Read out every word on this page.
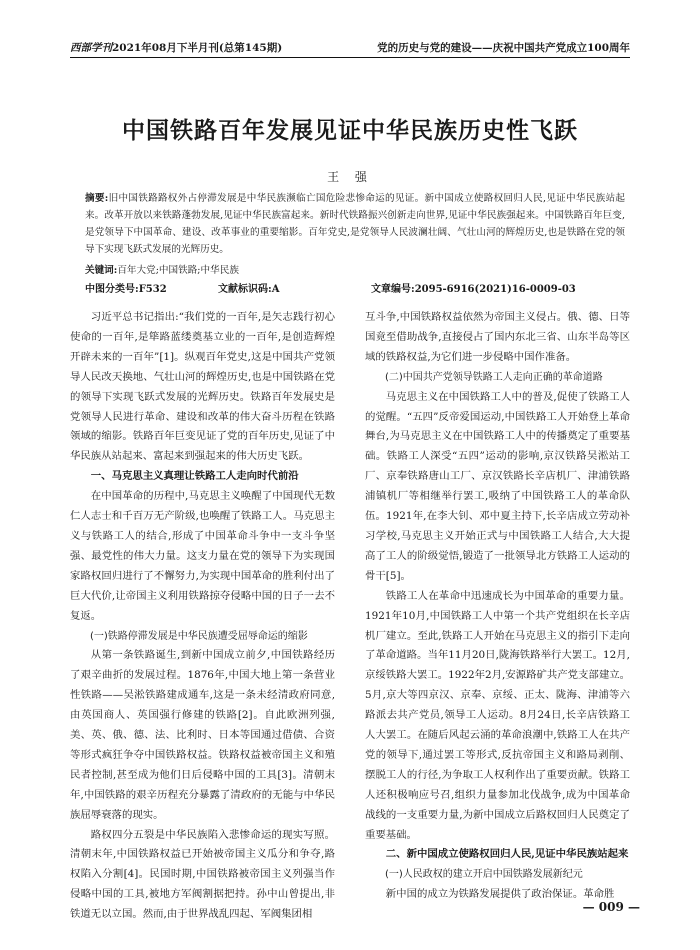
西部学刊2021年08月下半月刊(总第145期)	党的历史与党的建设——庆祝中国共产党成立100周年
中国铁路百年发展见证中华民族历史性飞跃
王 强
摘要:旧中国铁路路权外占停滞发展是中华民族濒临亡国危险悲惨命运的见证。新中国成立使路权回归人民,见证中华民族站起来。改革开放以来铁路蓬勃发展,见证中华民族富起来。新时代铁路振兴创新走向世界,见证中华民族强起来。中国铁路百年巨变,是党领导下中国革命、建设、改革事业的重要缩影。百年党史,是党领导人民波澜壮阔、气壮山河的辉煌历史,也是铁路在党的领导下实现飞跃式发展的光辉历史。
关键词:百年大党;中国铁路;中华民族
中图分类号:F532	文献标识码:A	文章编号:2095-6916(2021)16-0009-03

习近平总书记指出:“我们党的一百年,是矢志践行初心使命的一百年,是筚路蓝缕奠基立业的一百年,是创造辉煌开辟未来的一百年”[1]。纵观百年党史,这是中国共产党领导人民改天换地、气壮山河的辉煌历史,也是中国铁路在党的领导下实现飞跃式发展的光辉历史。铁路百年发展史是党领导人民进行革命、建设和改革的伟大奋斗历程在铁路领域的缩影。铁路百年巨变见证了党的百年历史,见证了中华民族从站起来、富起来到强起来的伟大历史飞跃。

一、马克思主义真理让铁路工人走向时代前沿

在中国革命的历程中,马克思主义唤醒了中国现代无数仁人志士和千百万无产阶级,也唤醒了铁路工人。马克思主义与铁路工人的结合,形成了中国革命斗争中一支斗争坚强、最党性的伟大力量。这支力量在党的领导下为实现国家路权回归进行了不懈努力,为实现中国革命的胜利付出了巨大代价,让帝国主义利用铁路掠夺侵略中国的日子一去不复返。

(一)铁路停滞发展是中华民族遭受屈辱命运的缩影

从第一条铁路诞生,到新中国成立前夕,中国铁路经历了艰辛曲折的发展过程。1876年,中国大地上第一条营业性铁路——吴淞铁路建成通车,这是一条未经清政府同意,由英国商人、英国强行修建的铁路[2]。自此欧洲列强,美、英、俄、德、法、比利时、日本等国通过借债、合资等形式疯狂争夺中国铁路权益。铁路权益被帝国主义和殖民者控制,甚至成为他们日后侵略中国的工具[3]。清朝末年,中国铁路的艰辛历程充分暴露了清政府的无能与中华民族屈辱衰落的现实。

路权四分五裂是中华民族陷入悲惨命运的现实写照。清朝末年,中国铁路权益已开始被帝国主义瓜分和争夺,路权陷入分割[4]。民国时期,中国铁路被帝国主义列强当作侵略中国的工具,被地方军阀割据把持。孙中山曾提出,非铁道无以立国。然而,由于世界战乱四起、军阀集团相

互斗争,中国铁路权益依然为帝国主义侵占。俄、德、日等国竟至借助战争,直接侵占了国内东北三省、山东半岛等区域的铁路权益,为它们进一步侵略中国作准备。

(二)中国共产党领导铁路工人走向正确的革命道路

马克思主义在中国铁路工人中的普及,促使了铁路工人的觉醒。“五四”反帝爱国运动,中国铁路工人开始登上革命舞台,为马克思主义在中国铁路工人中的传播奠定了重要基础。铁路工人深受“五四”运动的影响,京汉铁路吴淞站工厂、京奉铁路唐山工厂、京汉铁路长辛店机厂、津浦铁路浦镇机厂等相继举行罢工,吸纳了中国铁路工人的革命队伍。1921年,在李大钊、邓中夏主持下,长辛店成立劳动补习学校,马克思主义开始正式与中国铁路工人结合,大大提高了工人的阶级觉悟,锻造了一批领导北方铁路工人运动的骨干[5]。

铁路工人在革命中迅速成长为中国革命的重要力量。1921年10月,中国铁路工人中第一个共产党组织在长辛店机厂建立。至此,铁路工人开始在马克思主义的指引下走向了革命道路。当年11月20日,陇海铁路举行大罢工。12月,京绥铁路大罢工。1922年2月,安源路矿共产党支部建立。5月,京大等四京汉、京奉、京绥、正太、陇海、津浦等六路派去共产党员,领导工人运动。8月24日,长辛店铁路工人大罢工。在随后风起云涌的革命浪潮中,铁路工人在共产党的领导下,通过罢工等形式,反抗帝国主义和路局剥削、摆脱工人的行径,为争取工人权利作出了重要贡献。铁路工人还积极响应号召,组织力量参加北伐战争,成为中国革命战线的一支重要力量,为新中国成立后路权回归人民奠定了重要基础。

二、新中国成立使路权回归人民,见证中华民族站起来

(一)人民政权的建立开启中国铁路发展新纪元

新中国的成立为铁路发展提供了政治保证。革命胜

— 009 —
